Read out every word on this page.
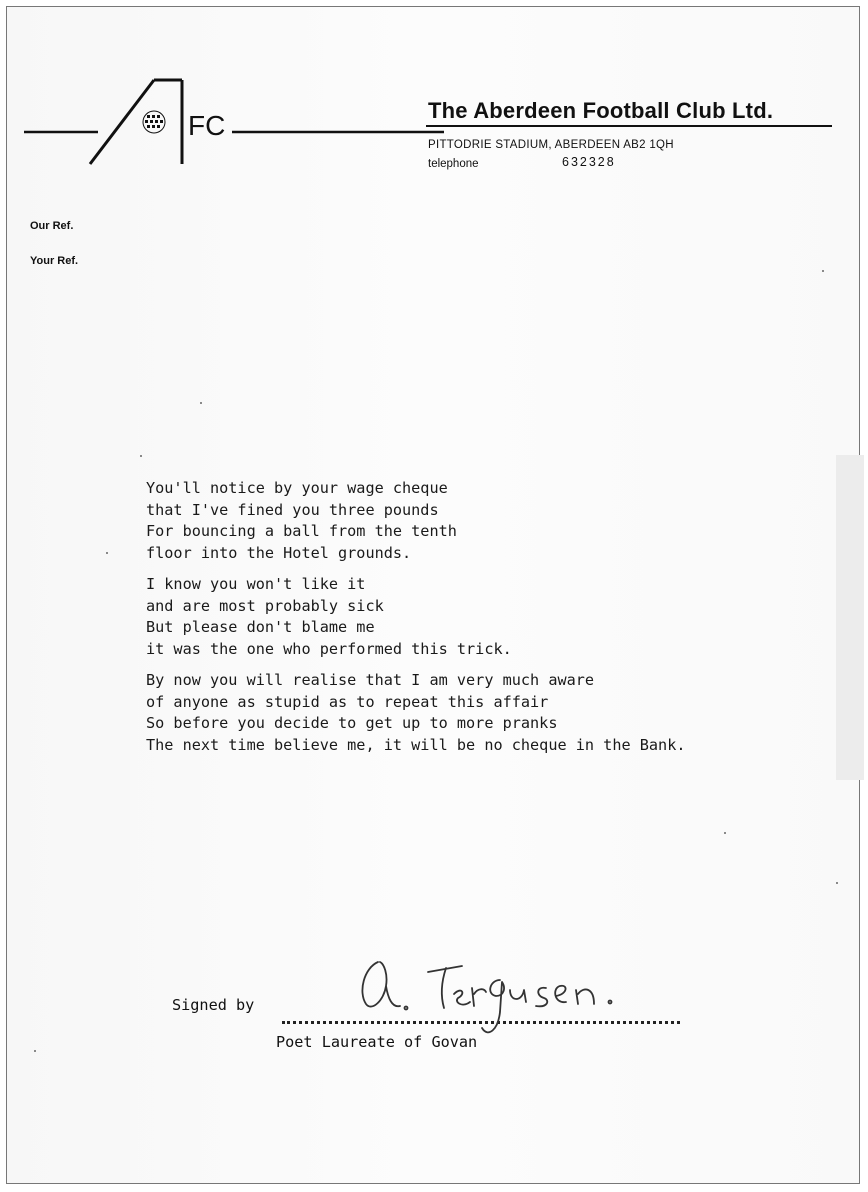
FC	The Aberdeen Football Club Ltd.
PITTODRIE STADIUM, ABERDEEN AB2 1QH
telephone	632328
Our Ref.
Your Ref.
You'll notice by your wage cheque
that I've fined you three pounds
For bouncing a ball from the tenth
floor into the Hotel grounds.
I know you won't like it
and are most probably sick
But please don't blame me
it was the one who performed this trick.
By now you will realise that I am very much aware
of anyone as stupid as to repeat this affair
So before you decide to get up to more pranks
The next time believe me, it will be no cheque in the Bank.
Signed by
Poet Laureate of Govan
